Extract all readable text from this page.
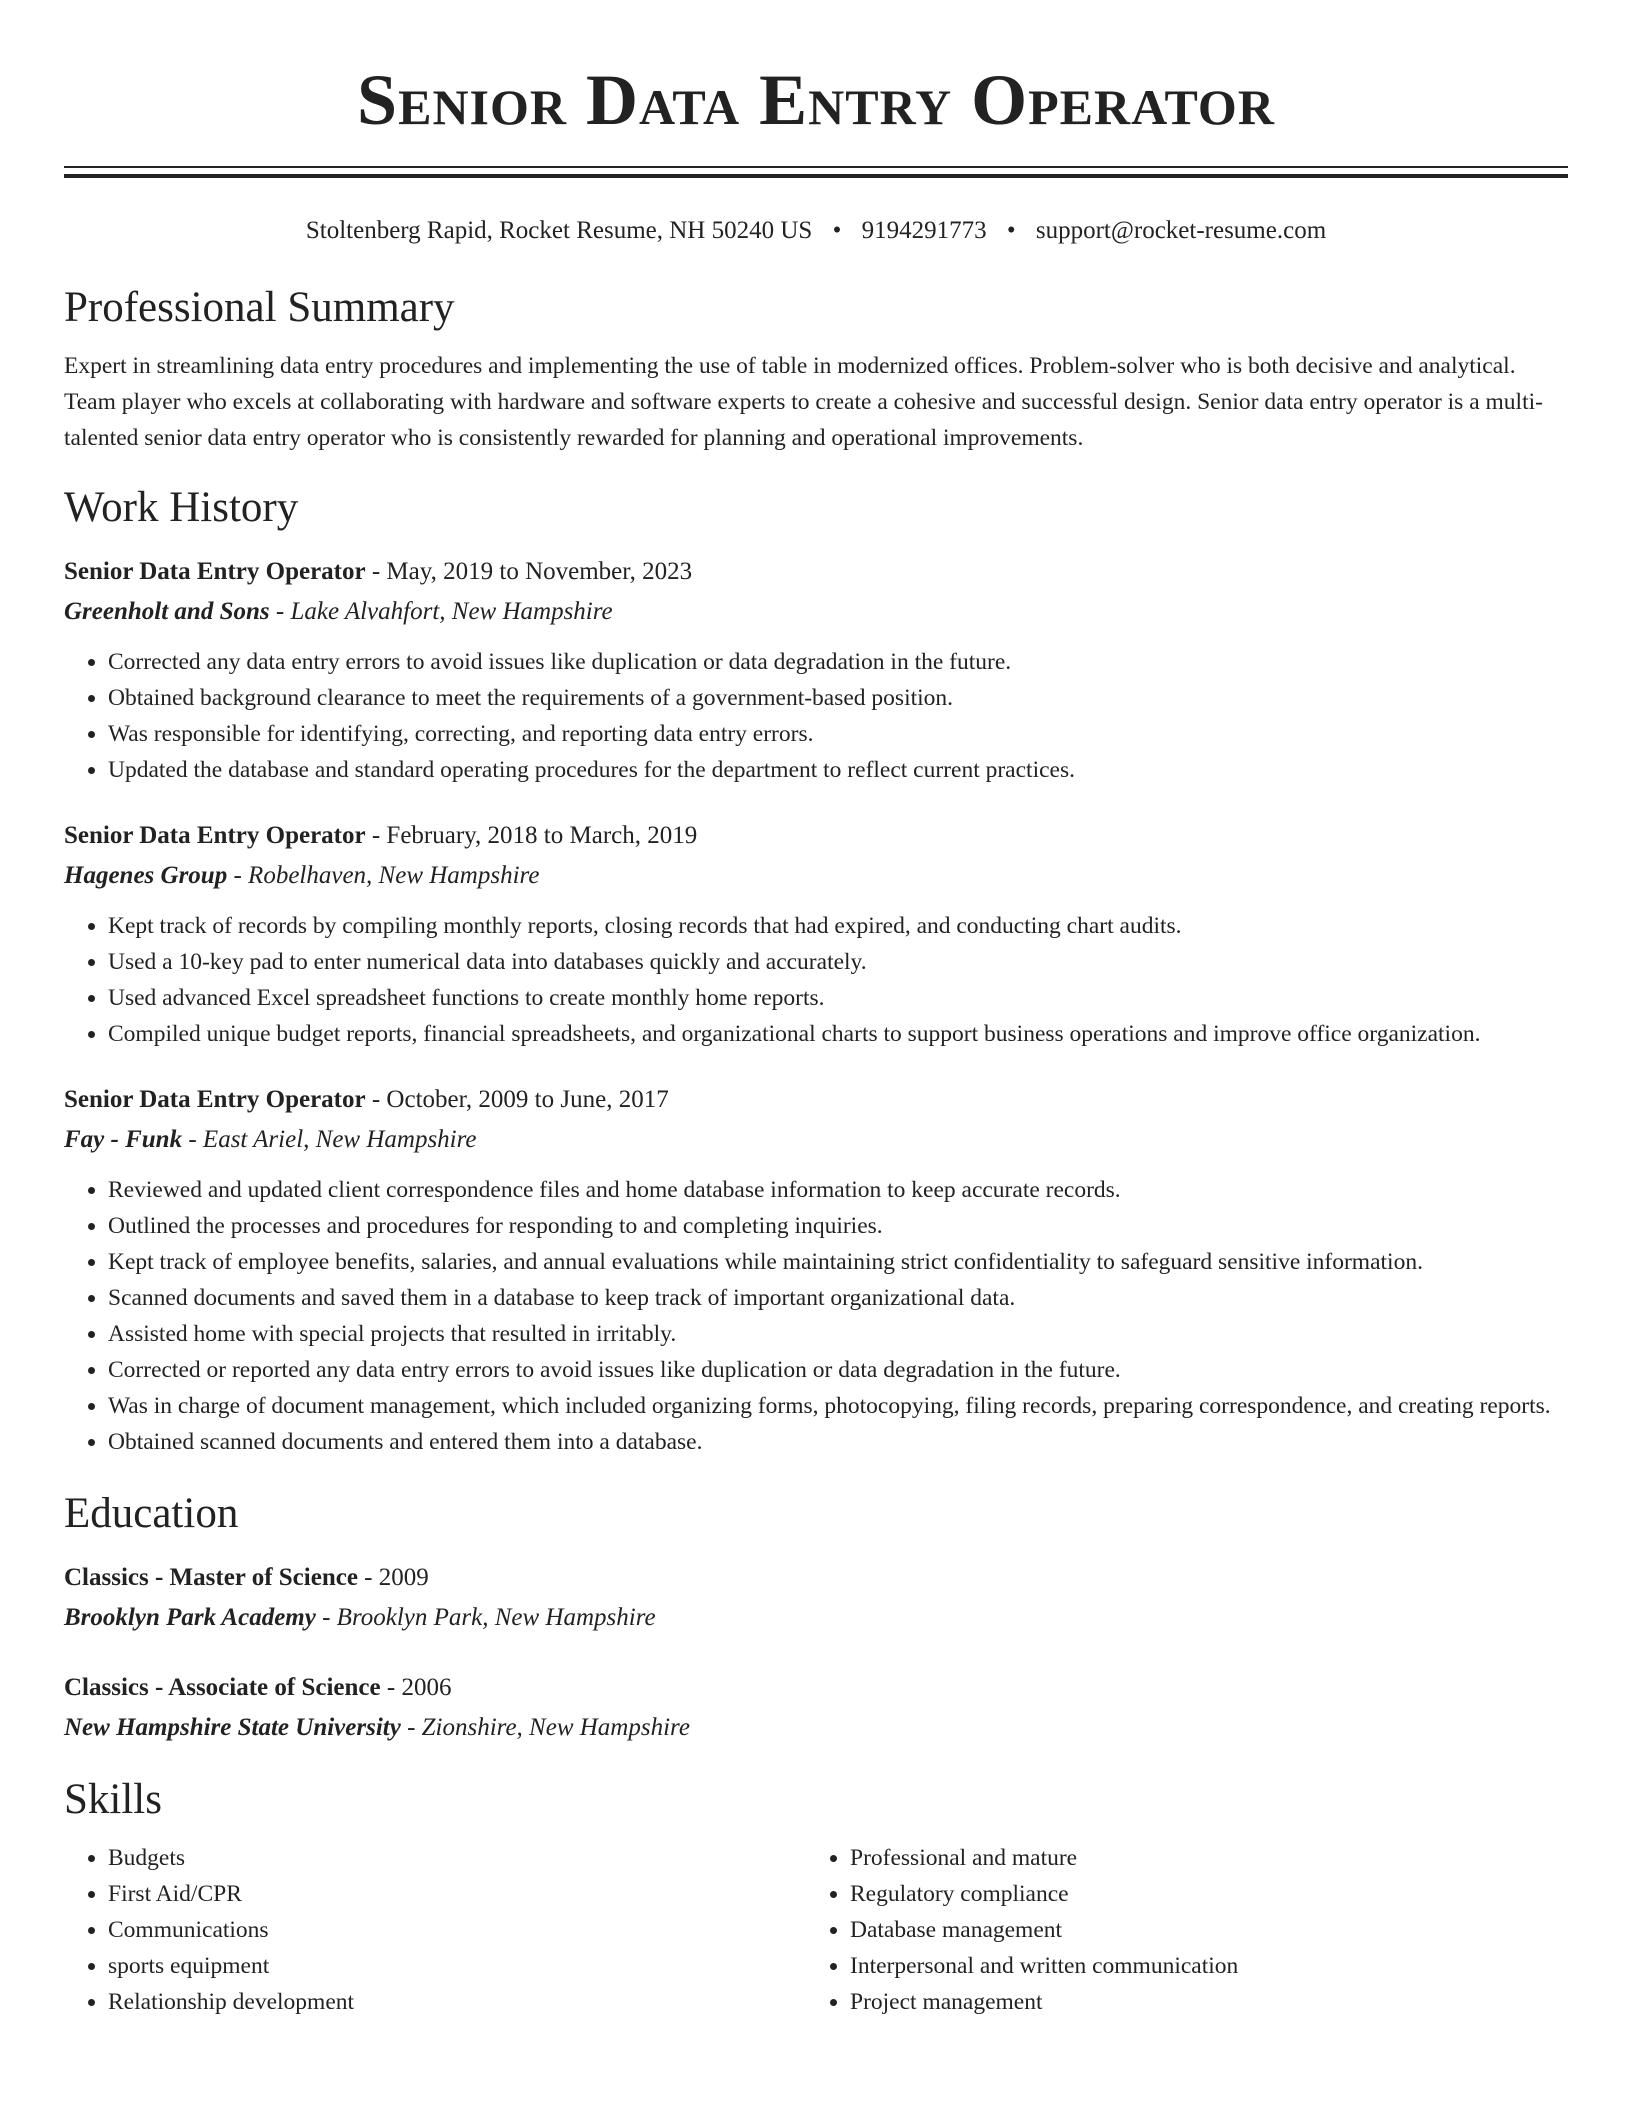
Senior Data Entry Operator
Stoltenberg Rapid, Rocket Resume, NH 50240 US • 9194291773 • support@rocket-resume.com
Professional Summary

Expert in streamlining data entry procedures and implementing the use of table in modernized offices. Problem-solver who is both decisive and analytical. Team player who excels at collaborating with hardware and software experts to create a cohesive and successful design. Senior data entry operator is a multi-talented senior data entry operator who is consistently rewarded for planning and operational improvements.

Work History
Senior Data Entry Operator - May, 2019 to November, 2023
Greenholt and Sons - Lake Alvahfort, New Hampshire
• Corrected any data entry errors to avoid issues like duplication or data degradation in the future.
• Obtained background clearance to meet the requirements of a government-based position.
• Was responsible for identifying, correcting, and reporting data entry errors.
• Updated the database and standard operating procedures for the department to reflect current practices.
Senior Data Entry Operator - February, 2018 to March, 2019
Hagenes Group - Robelhaven, New Hampshire
• Kept track of records by compiling monthly reports, closing records that had expired, and conducting chart audits.
• Used a 10-key pad to enter numerical data into databases quickly and accurately.
• Used advanced Excel spreadsheet functions to create monthly home reports.
• Compiled unique budget reports, financial spreadsheets, and organizational charts to support business operations and improve office organization.
Senior Data Entry Operator - October, 2009 to June, 2017
Fay - Funk - East Ariel, New Hampshire
• Reviewed and updated client correspondence files and home database information to keep accurate records.
• Outlined the processes and procedures for responding to and completing inquiries.
• Kept track of employee benefits, salaries, and annual evaluations while maintaining strict confidentiality to safeguard sensitive information.
• Scanned documents and saved them in a database to keep track of important organizational data.
• Assisted home with special projects that resulted in irritably.
• Corrected or reported any data entry errors to avoid issues like duplication or data degradation in the future.
• Was in charge of document management, which included organizing forms, photocopying, filing records, preparing correspondence, and creating reports.
• Obtained scanned documents and entered them into a database.
Education
Classics - Master of Science - 2009
Brooklyn Park Academy - Brooklyn Park, New Hampshire
Classics - Associate of Science - 2006
New Hampshire State University - Zionshire, New Hampshire
Skills
• Budgets
• First Aid/CPR
• Communications
• sports equipment
• Relationship development
• Professional and mature
• Regulatory compliance
• Database management
• Interpersonal and written communication
• Project management
